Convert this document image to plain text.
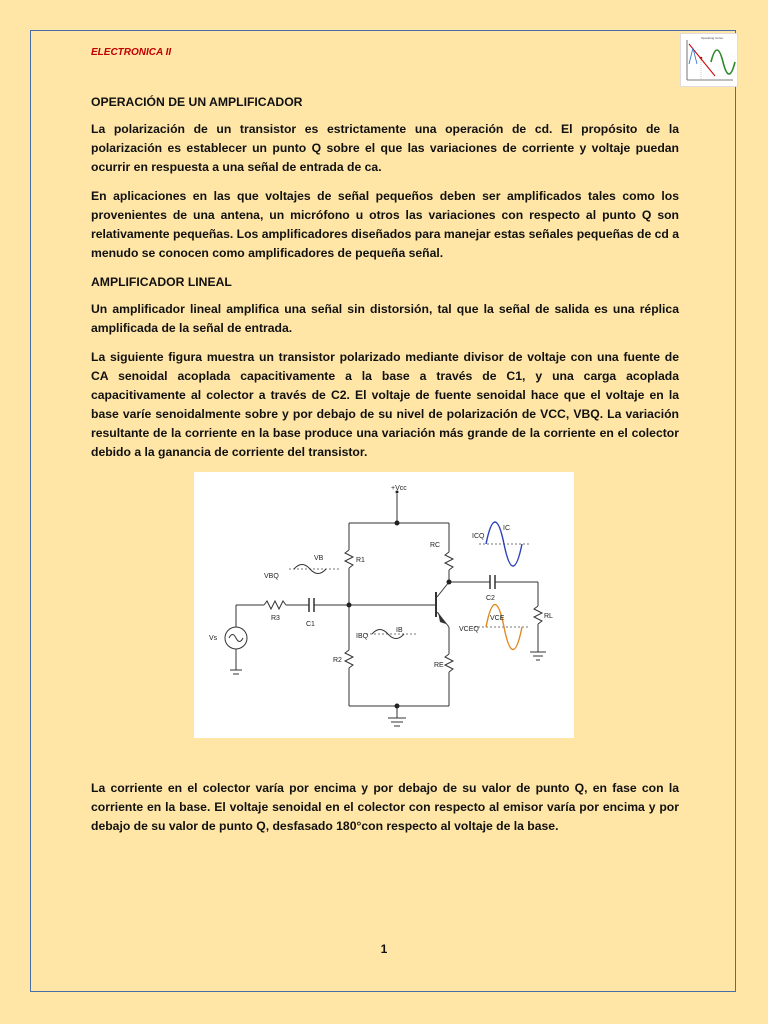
ELECTRONICA II
Operating Curve
OPERACIÓN DE UN AMPLIFICADOR

La polarización de un transistor es estrictamente una operación de cd. El propósito de la polarización es establecer un punto Q sobre el que las variaciones de corriente y voltaje puedan ocurrir en respuesta a una señal de entrada de ca.

En aplicaciones en las que voltajes de señal pequeños deben ser amplificados tales como los provenientes de una antena, un micrófono u otros las variaciones con respecto al punto Q son relativamente pequeñas. Los amplificadores diseñados para manejar estas señales pequeñas de cd a menudo se conocen como amplificadores de pequeña señal.

AMPLIFICADOR LINEAL

Un amplificador lineal amplifica una señal sin distorsión, tal que la señal de salida es una réplica amplificada de la señal de entrada.

La siguiente figura muestra un transistor polarizado mediante divisor de voltaje con una fuente de CA senoidal acoplada capacitivamente a la base a través de C1, y una carga acoplada capacitivamente al colector a través de C2. El voltaje de fuente senoidal hace que el voltaje en la base varíe senoidalmente sobre y por debajo de su nivel de polarización de VCC, VBQ. La variación resultante de la corriente en la base produce una variación más grande de la corriente en el colector debido a la ganancia de corriente del transistor.

+Vcc
R1
R2
R3
RC
RE
RL
C1
C2
Vs
VB
VBQ
IB
IBQ
IC
ICQ
VCE
VCEQ

La corriente en el colector varía por encima y por debajo de su valor de punto Q, en fase con la corriente en la base. El voltaje senoidal en el colector con respecto al emisor varía por encima y por debajo de su valor de punto Q, desfasado 180°con respecto al voltaje de la base.

1
